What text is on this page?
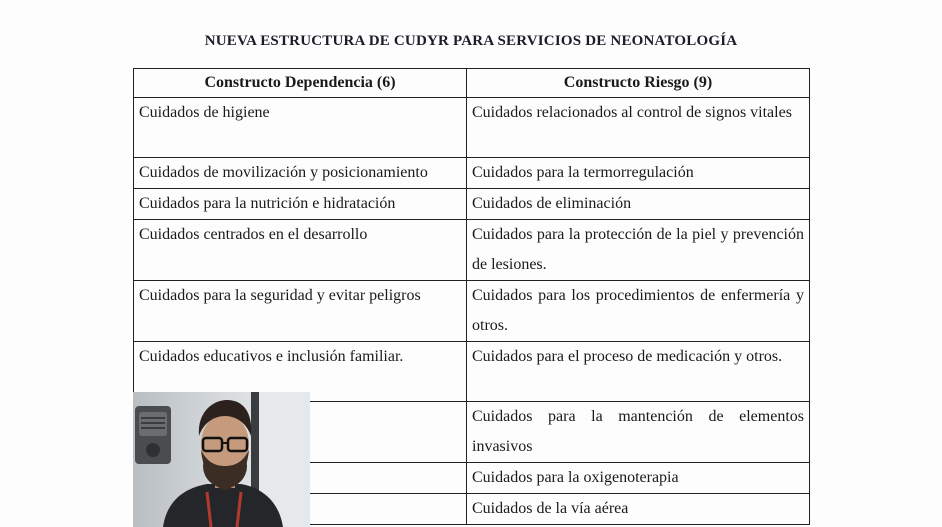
NUEVA ESTRUCTURA DE CUDYR PARA SERVICIOS DE NEONATOLOGÍA
Constructo Dependencia (6)	Constructo Riesgo (9)
Cuidados de higiene	Cuidados relacionados al control de signos vitales
Cuidados de movilización y posicionamiento	Cuidados para la termorregulación
Cuidados para la nutrición e hidratación	Cuidados de eliminación
Cuidados centrados en el desarrollo	Cuidados para la protección de la piel y prevención de lesiones.
Cuidados para la seguridad y evitar peligros	Cuidados para los procedimientos de enfermería y otros.
Cuidados educativos e inclusión familiar.	Cuidados para el proceso de medicación y otros.
	Cuidados para la mantención de elementos invasivos
	Cuidados para la oxigenoterapia
	Cuidados de la vía aérea
